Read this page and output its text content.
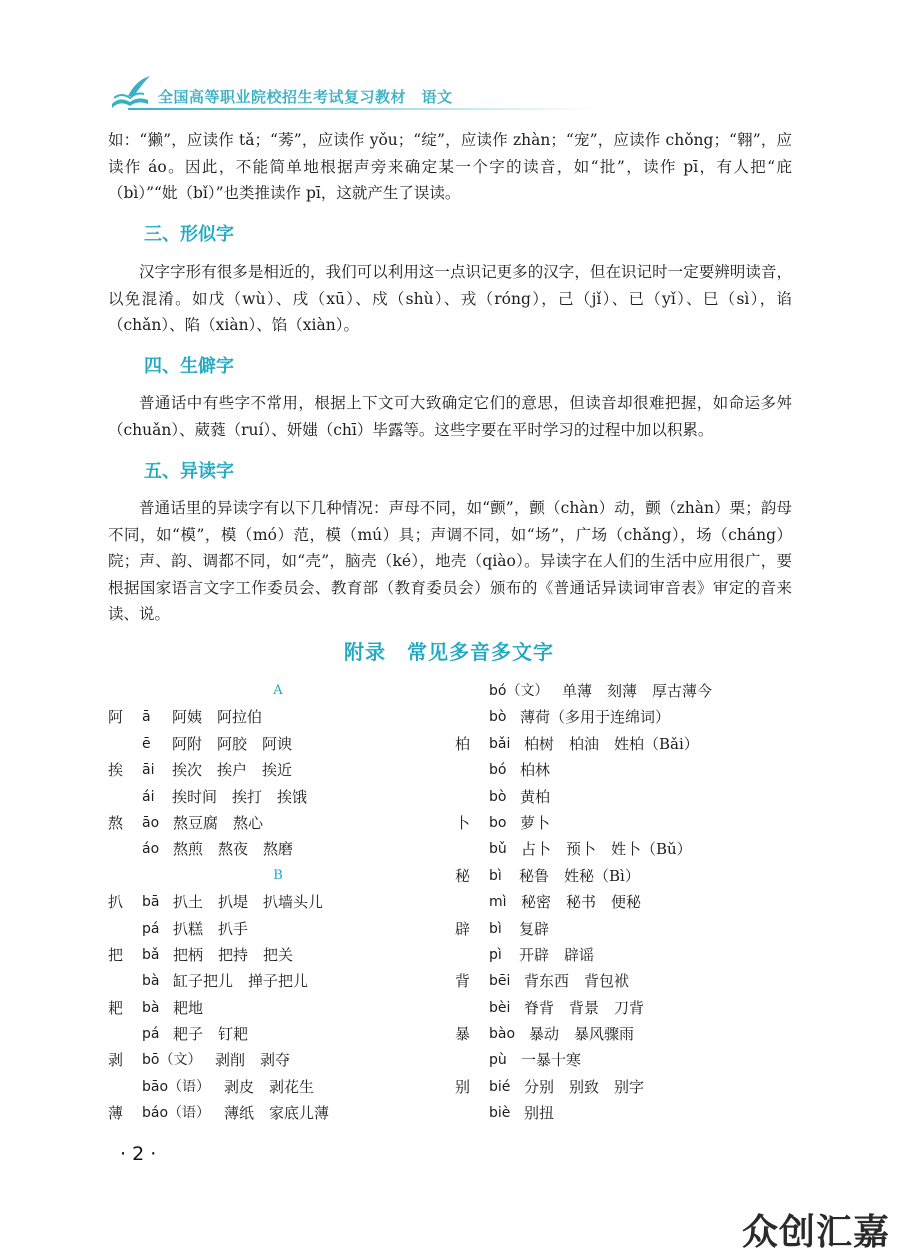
全国高等职业院校招生考试复习教材　语文

如：“獭”，应读作 tǎ；“莠”，应读作 yǒu；“绽”，应读作 zhàn；“宠”，应读作 chǒng；“翱”，应读作 áo。因此，不能简单地根据声旁来确定某一个字的读音，如“批”，读作 pī，有人把“庇（bì）”“妣（bǐ）”也类推读作 pī，这就产生了误读。

三、形似字

汉字字形有很多是相近的，我们可以利用这一点识记更多的汉字，但在识记时一定要辨明读音，以免混淆。如戊（wù）、戌（xū）、戍（shù）、戎（róng），己（jǐ）、已（yǐ）、巳（sì），谄（chǎn）、陷（xiàn）、馅（xiàn）。

四、生僻字

普通话中有些字不常用，根据上下文可大致确定它们的意思，但读音却很难把握，如命运多舛（chuǎn）、葳蕤（ruí）、妍媸（chī）毕露等。这些字要在平时学习的过程中加以积累。

五、异读字

普通话里的异读字有以下几种情况：声母不同，如“颤”，颤（chàn）动，颤（zhàn）栗；韵母不同，如“模”，模（mó）范，模（mú）具；声调不同，如“场”，广场（chǎng），场（cháng）院；声、韵、调都不同，如“壳”，脑壳（ké），地壳（qiào）。异读字在人们的生活中应用很广，要根据国家语言文字工作委员会、教育部（教育委员会）颁布的《普通话异读词审音表》审定的音来读、说。

附录　常见多音多文字
A
阿	ā 阿姨　阿拉伯
ē 阿附　阿胶　阿谀
挨	āi 挨次　挨户　挨近
ái 挨时间　挨打　挨饿
熬	āo 熬豆腐　熬心
áo 熬煎　熬夜　熬磨
B
扒	bā 扒土　扒堤　扒墙头儿
pá 扒糕　扒手
把	bǎ 把柄　把持　把关
bà 缸子把儿　掸子把儿
耙	bà 耙地
pá 耙子　钉耙
剥	bō（文） 剥削　剥夺
bāo（语） 剥皮　剥花生
薄	báo（语） 薄纸　家底儿薄
bó（文） 单薄　刻薄　厚古薄今
bò 薄荷（多用于连绵词）
柏	bǎi 柏树　柏油　姓柏（Bǎi）
bó 柏林
bò 黄柏
卜	bo 萝卜
bǔ 占卜　预卜　姓卜（Bǔ）
秘	bì 秘鲁　姓秘（Bì）
mì 秘密　秘书　便秘
辟	bì 复辟
pì 开辟　辟谣
背	bēi 背东西　背包袱
bèi 脊背　背景　刀背
暴	bào 暴动　暴风骤雨
pù 一暴十寒
别	bié 分别　别致　别字
biè 别扭
· 2 ·
众创汇嘉
